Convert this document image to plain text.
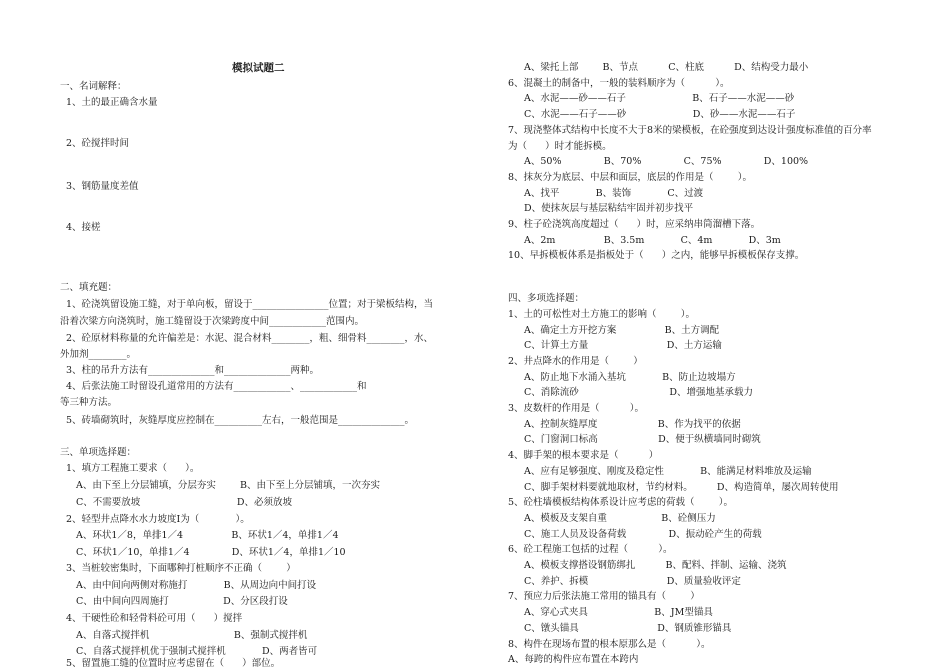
模拟试题二
一、名词解释：
1、土的最正确含水量
2、砼搅拌时间
3、钢筋量度差值
4、接槎
二、填充题：
1、砼浇筑留设施工缝，对于单向板，留设于________________位置；对于梁板结构，当
沿着次梁方向浇筑时，施工缝留设于次梁跨度中间____________范围内。
2、砼原材料称量的允许偏差是：水泥、混合材料________，粗、细骨料________，水、
外加剂________。
3、柱的吊升方法有______________和______________两种。
4、后张法施工时留设孔道常用的方法有____________、____________和
等三种方法。
5、砖墙砌筑时，灰缝厚度应控制在__________左右，一般范围是______________。
三、单项选择题：
1、填方工程施工要求（      ）。
A、由下至上分层铺填，分层夯实        B、由下至上分层铺填，一次夯实
C、不需要放坡                                D、必须放坡
2、轻型井点降水水力坡度I为（            ）。
A、环状1／8，单排1／4                B、环状1／4，单排1／4
C、环状1／10，单排1／4              D、环状1／4，单排1／10
3、当桩较密集时，下面哪种打桩顺序不正确（        ）
A、由中间向两侧对称施打            B、从周边向中间打设
C、由中间向四周施打                  D、分区段打设
4、干硬性砼和轻骨料砼可用（      ）搅拌
A、自落式搅拌机                            B、强制式搅拌机
C、自落式搅拌机优于强制式搅拌机            D、两者皆可
5、留置施工缝的位置时应考虑留在（      ）部位。
A、梁托上部        B、节点          C、柱底          D、结构受力最小
6、混凝土的制备中，一般的装料顺序为（          ）。
A、水泥——砂——石子                      B、石子——水泥——砂
C、水泥——石子——砂                      D、砂——水泥——石子
7、现浇整体式结构中长度不大于8米的梁模板，在砼强度到达设计强度标准值的百分率
为（      ）时才能拆模。
A、50%              B、70%              C、75%              D、100%
8、抹灰分为底层、中层和面层，底层的作用是（        ）。
A、找平            B、装饰            C、过渡
D、使抹灰层与基层粘结牢固并初步找平
9、柱子砼浇筑高度超过（      ）时，应采纳串筒溜槽下落。
A、2m                B、3.5m            C、4m            D、3m
10、早拆模板体系是指板处于（      ）之内，能够早拆模板保存支撑。
四、多项选择题：
1、土的可松性对土方施工的影响（        ）。
A、确定土方开挖方案                B、土方调配
C、计算土方量                          D、土方运输
2、井点降水的作用是（        ）
A、防止地下水涌入基坑            B、防止边坡塌方
C、消除流砂                              D、增强地基承载力
3、皮数杆的作用是（          ）。
A、控制灰缝厚度                    B、作为找平的依据
C、门窗洞口标高                    D、便于纵横墙同时砌筑
4、脚手架的根本要求是（          ）
A、应有足够强度、刚度及稳定性            B、能满足材料堆放及运输
C、脚手架材料要就地取材，节约材料。        D、构造简单，屡次周转使用
5、砼柱墙模板结构体系设计应考虑的荷载（        ）。
A、模板及支架自重                  B、砼侧压力
C、施工人员及设备荷载              D、振动砼产生的荷载
6、砼工程施工包括的过程（          ）。
A、模板支撑搭设钢筋绑扎          B、配料、拌制、运输、浇筑
C、养护、拆模                          D、质量验收评定
7、预应力后张法施工常用的锚具有（        ）
A、穿心式夹具                      B、JM型锚具
C、镦头锚具                          D、钢质锥形锚具
8、构件在现场布置的根本原那么是（          ）。
A、每跨的构件应布置在本跨内
